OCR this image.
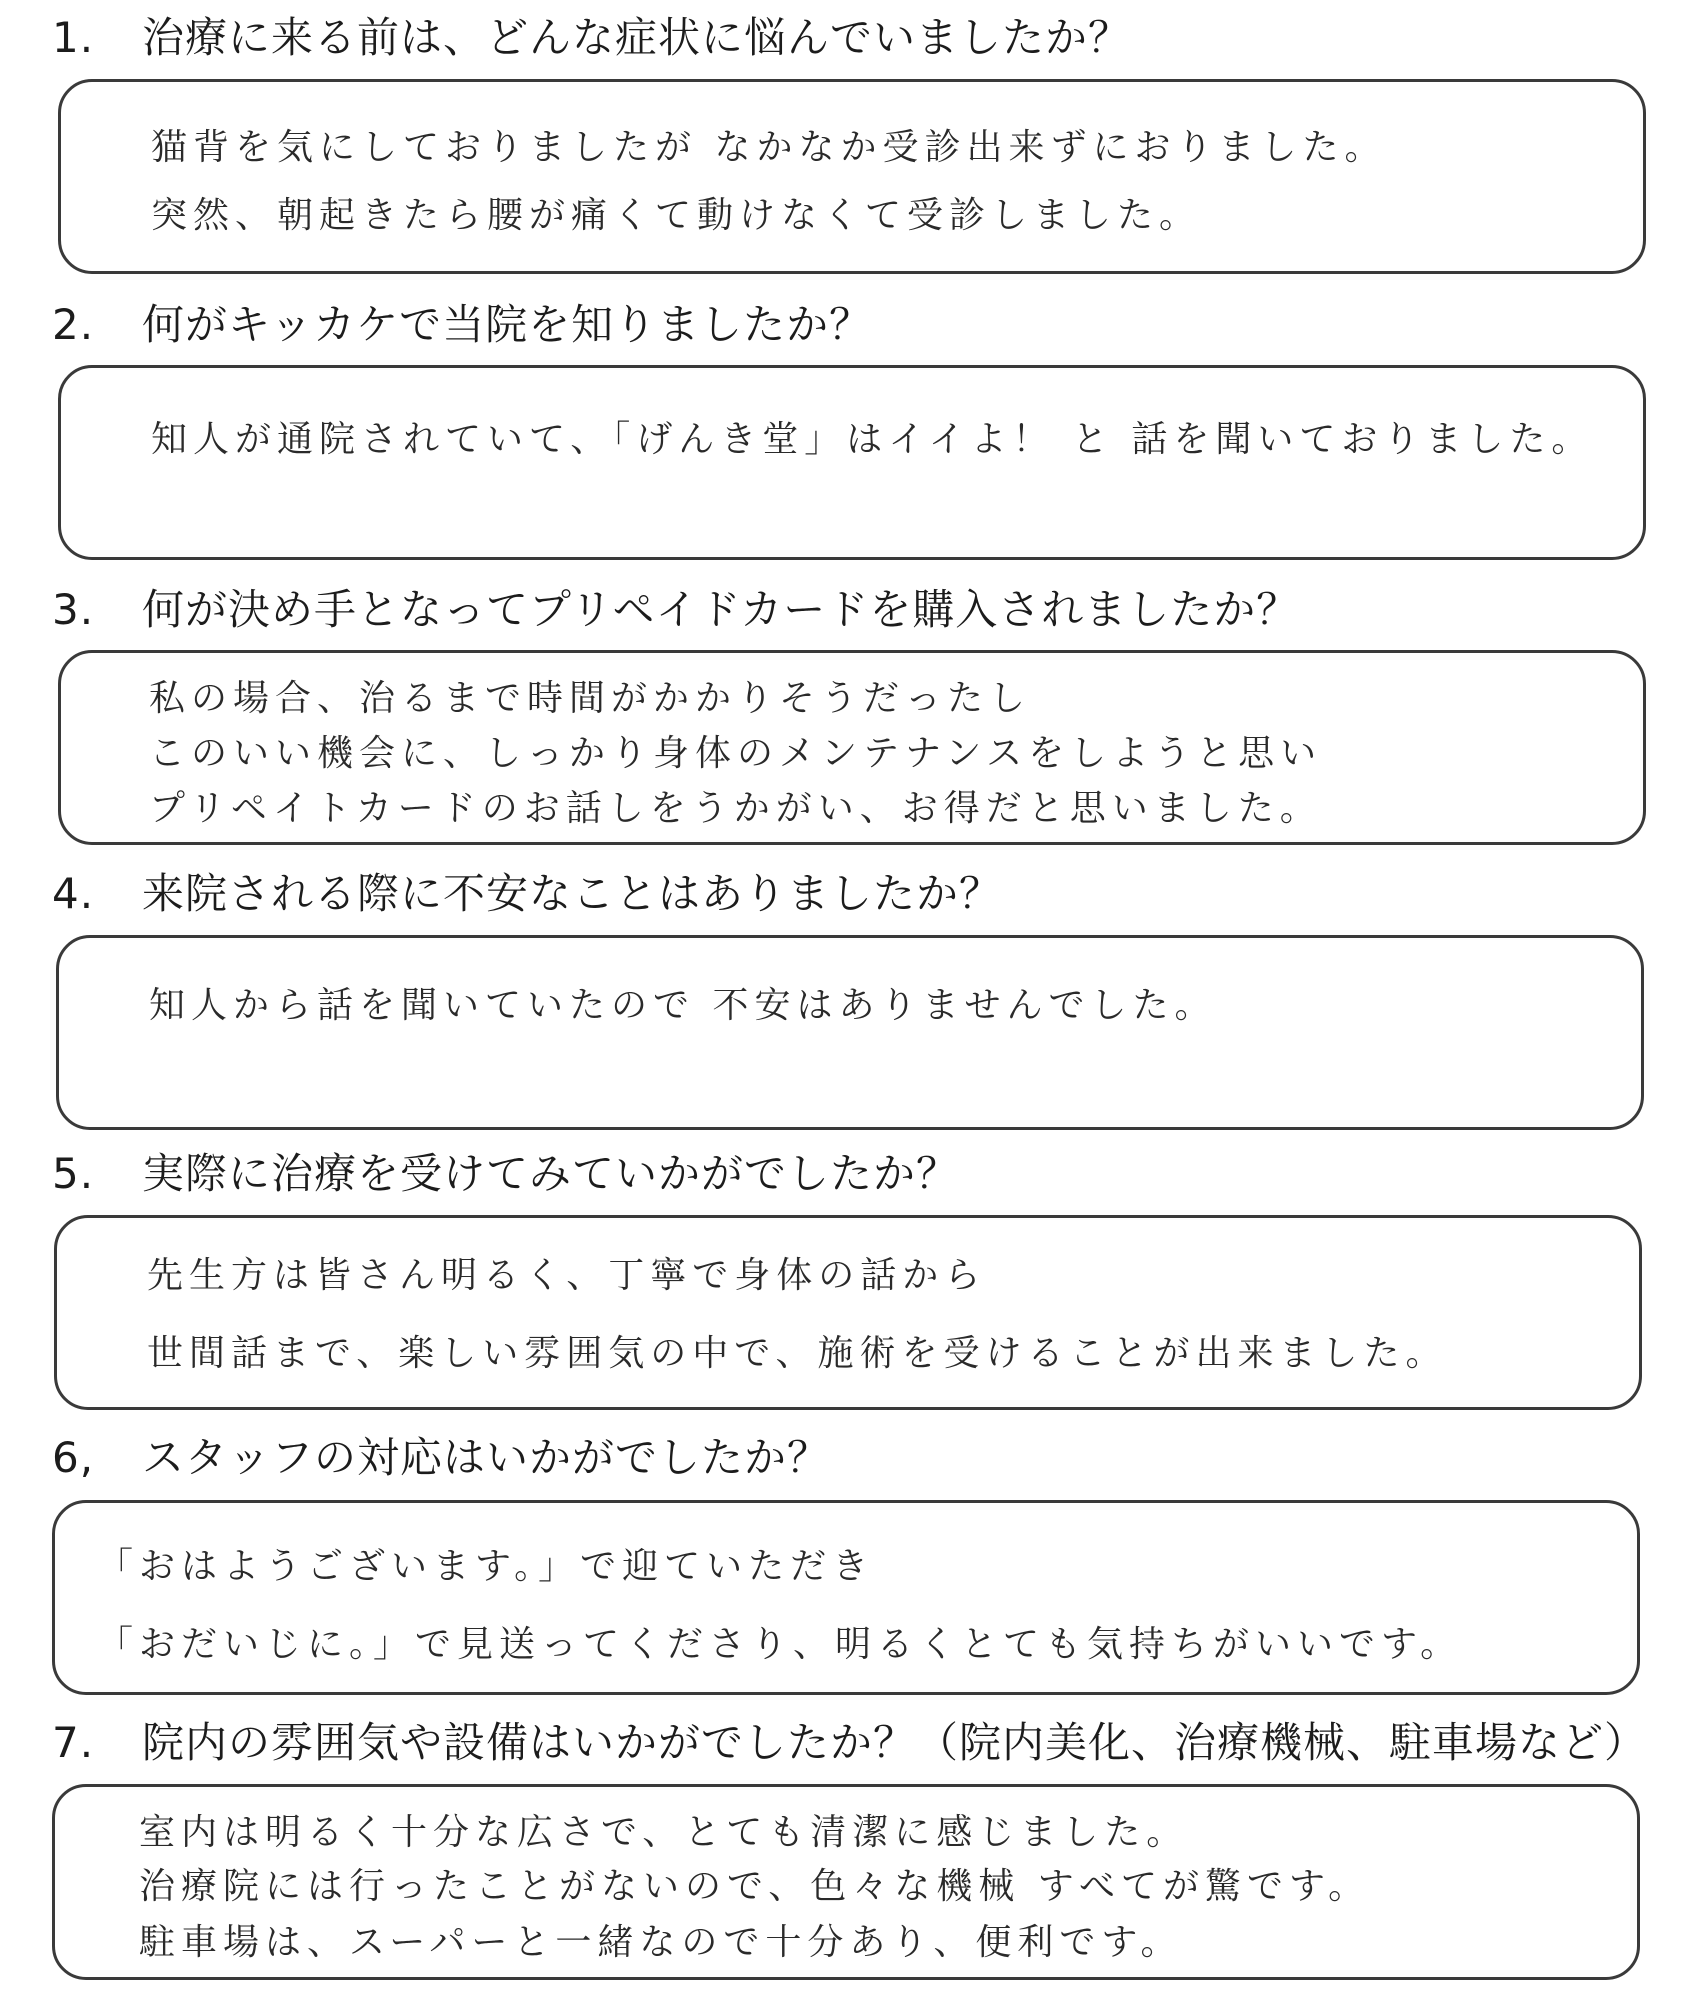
1. 治療に来る前は、どんな症状に悩んでいましたか？
猫背を気にしておりましたが なかなか受診出来ずにおりました。
突然、朝起きたら腰が痛くて動けなくて受診しました。
2. 何がキッカケで当院を知りましたか？
知人が通院されていて、「げんき堂」はイイよ！ と 話を聞いておりました。
3. 何が決め手となってプリペイドカードを購入されましたか？
私の場合、治るまで時間がかかりそうだったし
このいい機会に、しっかり身体のメンテナンスをしようと思い
プリペイトカードのお話しをうかがい、お得だと思いました。
4. 来院される際に不安なことはありましたか？
知人から話を聞いていたので 不安はありませんでした。
5. 実際に治療を受けてみていかがでしたか？
先生方は皆さん明るく、丁寧で身体の話から
世間話まで、楽しい雰囲気の中で、施術を受けることが出来ました。
6, スタッフの対応はいかがでしたか？
「おはようございます。」で迎ていただき
「おだいじに。」で見送ってくださり、明るくとても気持ちがいいです。
7. 院内の雰囲気や設備はいかがでしたか？（院内美化、治療機械、駐車場など）
室内は明るく十分な広さで、とても清潔に感じました。
治療院には行ったことがないので、色々な機械 すべてが驚です。
駐車場は、スーパーと一緒なので十分あり、便利です。
